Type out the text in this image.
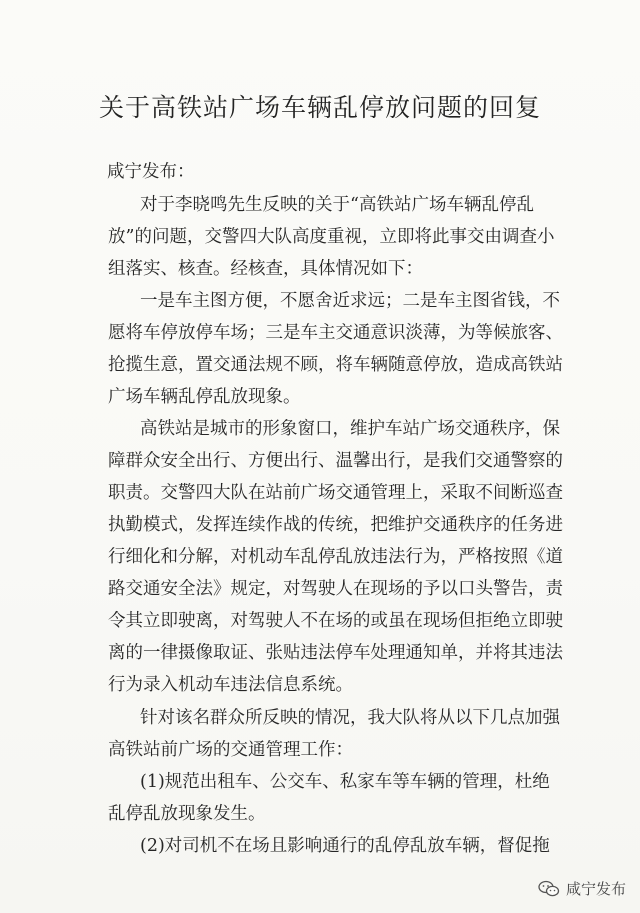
关于高铁站广场车辆乱停放问题的回复
咸宁发布：
对于李晓鸣先生反映的关于“高铁站广场车辆乱停乱
放”的问题，交警四大队高度重视，立即将此事交由调查小
组落实、核查。经核查，具体情况如下：
一是车主图方便，不愿舍近求远；二是车主图省钱，不
愿将车停放停车场；三是车主交通意识淡薄，为等候旅客、
抢揽生意，置交通法规不顾，将车辆随意停放，造成高铁站
广场车辆乱停乱放现象。
高铁站是城市的形象窗口，维护车站广场交通秩序，保
障群众安全出行、方便出行、温馨出行，是我们交通警察的
职责。交警四大队在站前广场交通管理上，采取不间断巡查
执勤模式，发挥连续作战的传统，把维护交通秩序的任务进
行细化和分解，对机动车乱停乱放违法行为，严格按照《道
路交通安全法》规定，对驾驶人在现场的予以口头警告，责
令其立即驶离，对驾驶人不在场的或虽在现场但拒绝立即驶
离的一律摄像取证、张贴违法停车处理通知单，并将其违法
行为录入机动车违法信息系统。
针对该名群众所反映的情况，我大队将从以下几点加强
高铁站前广场的交通管理工作：
(1)规范出租车、公交车、私家车等车辆的管理，杜绝
乱停乱放现象发生。
(2)对司机不在场且影响通行的乱停乱放车辆，督促拖
咸宁发布
